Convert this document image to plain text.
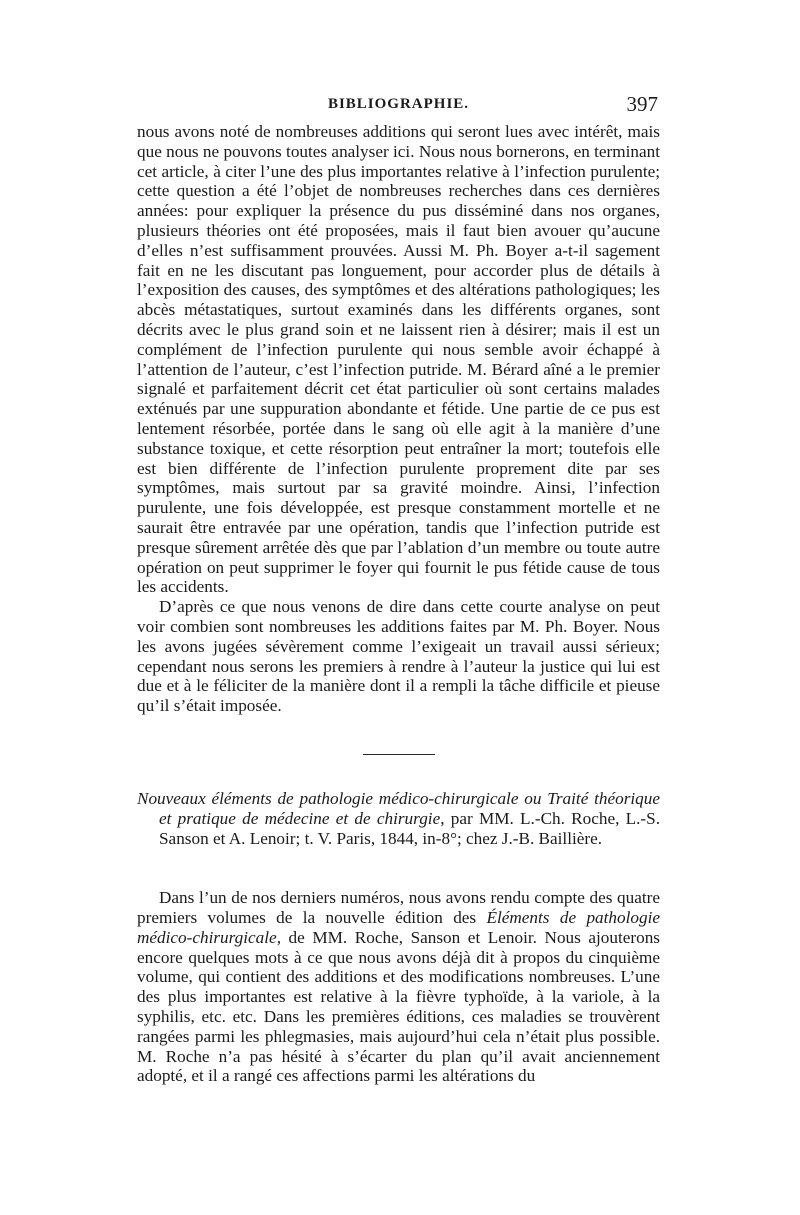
BIBLIOGRAPHIE.	397

nous avons noté de nombreuses additions qui seront lues avec intérêt, mais que nous ne pouvons toutes analyser ici. Nous nous bornerons, en terminant cet article, à citer l’une des plus importantes relative à l’infection purulente; cette question a été l’objet de nombreuses recherches dans ces dernières années: pour expliquer la présence du pus disséminé dans nos organes, plusieurs théories ont été proposées, mais il faut bien avouer qu’aucune d’elles n’est suffisamment prouvées. Aussi M. Ph. Boyer a-t-il sagement fait en ne les discutant pas longuement, pour accorder plus de détails à l’exposition des causes, des symptômes et des altérations pathologiques; les abcès métastatiques, surtout examinés dans les différents organes, sont décrits avec le plus grand soin et ne laissent rien à désirer; mais il est un complément de l’infection purulente qui nous semble avoir échappé à l’attention de l’auteur, c’est l’infection putride. M. Bérard aîné a le premier signalé et parfaitement décrit cet état particulier où sont certains malades exténués par une suppuration abondante et fétide. Une partie de ce pus est lentement résorbée, portée dans le sang où elle agit à la manière d’une substance toxique, et cette résorption peut entraîner la mort; toutefois elle est bien différente de l’infection purulente proprement dite par ses symptômes, mais surtout par sa gravité moindre. Ainsi, l’infection purulente, une fois développée, est presque constamment mortelle et ne saurait être entravée par une opération, tandis que l’infection putride est presque sûrement arrêtée dès que par l’ablation d’un membre ou toute autre opération on peut supprimer le foyer qui fournit le pus fétide cause de tous les accidents.

D’après ce que nous venons de dire dans cette courte analyse on peut voir combien sont nombreuses les additions faites par M. Ph. Boyer. Nous les avons jugées sévèrement comme l’exigeait un travail aussi sérieux; cependant nous serons les premiers à rendre à l’auteur la justice qui lui est due et à le féliciter de la manière dont il a rempli la tâche difficile et pieuse qu’il s’était imposée.

Nouveaux éléments de pathologie médico-chirurgicale ou Traité théorique et pratique de médecine et de chirurgie, par MM. L.-Ch. Roche, L.-S. Sanson et A. Lenoir; t. V. Paris, 1844, in-8°; chez J.-B. Baillière.

Dans l’un de nos derniers numéros, nous avons rendu compte des quatre premiers volumes de la nouvelle édition des Éléments de pathologie médico-chirurgicale, de MM. Roche, Sanson et Lenoir. Nous ajouterons encore quelques mots à ce que nous avons déjà dit à propos du cinquième volume, qui contient des additions et des modifications nombreuses. L’une des plus importantes est relative à la fièvre typhoïde, à la variole, à la syphilis, etc. etc. Dans les premières éditions, ces maladies se trouvèrent rangées parmi les phlegmasies, mais aujourd’hui cela n’était plus possible. M. Roche n’a pas hésité à s’écarter du plan qu’il avait anciennement adopté, et il a rangé ces affections parmi les altérations du
